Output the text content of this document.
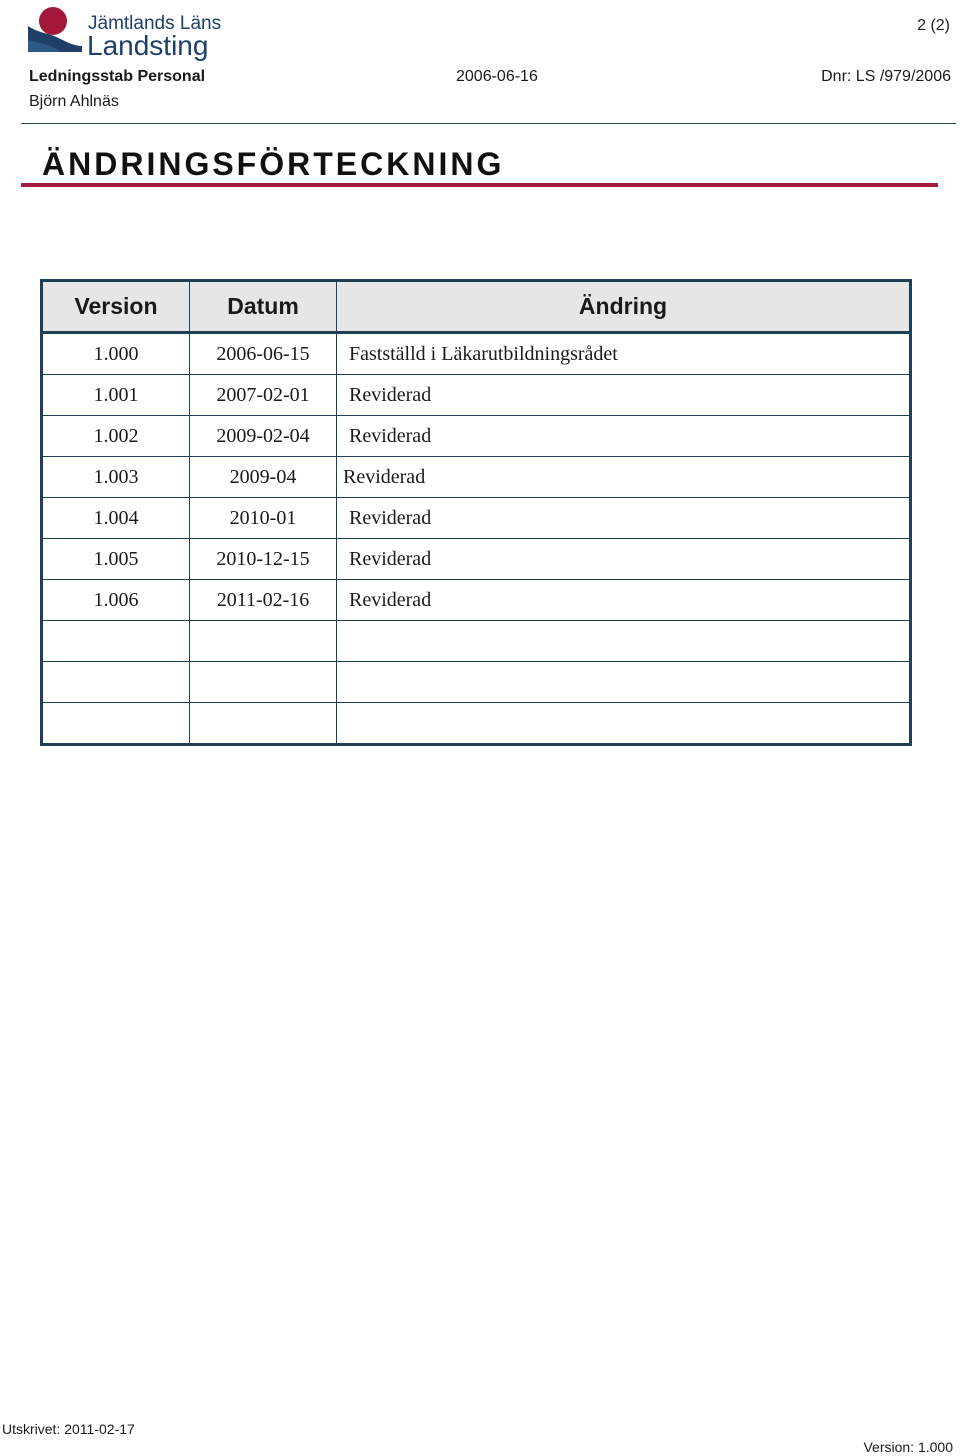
Jämtlands Läns
Landsting
2 (2)
Ledningsstab Personal	2006-06-16	Dnr: LS /979/2006
Björn Ahlnäs
ÄNDRINGSFÖRTECKNING
Version	Datum	Ändring
1.000	2006-06-15	Fastställd i Läkarutbildningsrådet
1.001	2007-02-01	Reviderad
1.002	2009-02-04	Reviderad
1.003	2009-04	Reviderad
1.004	2010-01	Reviderad
1.005	2010-12-15	Reviderad
1.006	2011-02-16	Reviderad

Utskrivet: 2011-02-17
Version: 1.000
